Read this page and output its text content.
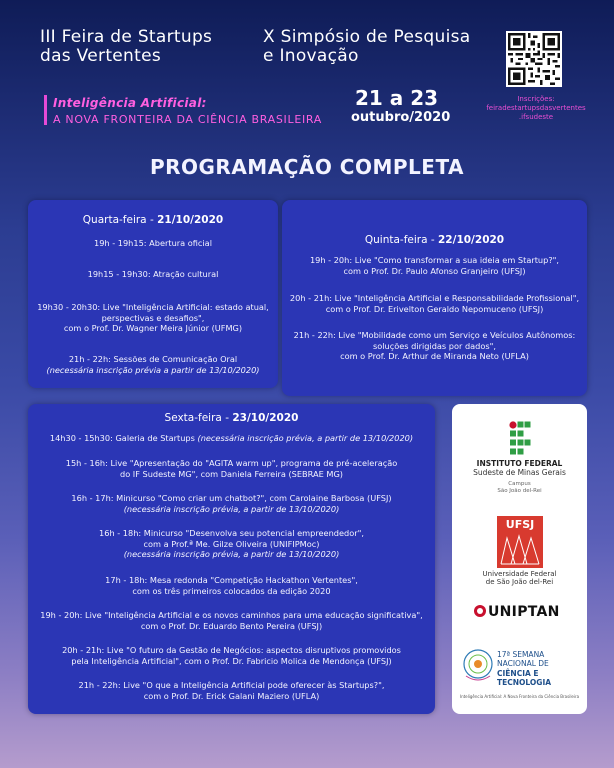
III Feira de Startups
das Vertentes
X Simpósio de Pesquisa
e Inovação
Inscrições:
feiradestartupsdasvertentes
.ifsudeste
Inteligência Artificial:
A NOVA FRONTEIRA DA CIÊNCIA BRASILEIRA
21 a 23
outubro/2020
PROGRAMAÇÃO COMPLETA
Quarta-feira - 21/10/2020
19h - 19h15: Abertura oficial
19h15 - 19h30: Atração cultural
19h30 - 20h30: Live "Inteligência Artificial: estado atual,
perspectivas e desafios",
com o Prof. Dr. Wagner Meira Júnior (UFMG)
21h - 22h: Sessões de Comunicação Oral
(necessária inscrição prévia a partir de 13/10/2020)
Quinta-feira - 22/10/2020
19h - 20h: Live "Como transformar a sua ideia em Startup?",
com o Prof. Dr. Paulo Afonso Granjeiro (UFSJ)
20h - 21h: Live "Inteligência Artificial e Responsabilidade Profissional",
com o Prof. Dr. Erivelton Geraldo Nepomuceno (UFSJ)
21h - 22h: Live "Mobilidade como um Serviço e Veículos Autônomos:
soluções dirigidas por dados",
com o Prof. Dr. Arthur de Miranda Neto (UFLA)
Sexta-feira - 23/10/2020
14h30 - 15h30: Galeria de Startups (necessária inscrição prévia, a partir de 13/10/2020)
15h - 16h: Live "Apresentação do "AGITA warm up", programa de pré-aceleração
do IF Sudeste MG", com Daniela Ferreira (SEBRAE MG)
16h - 17h: Minicurso "Como criar um chatbot?", com Carolaine Barbosa (UFSJ)
(necessária inscrição prévia, a partir de 13/10/2020)
16h - 18h: Minicurso "Desenvolva seu potencial empreendedor",
com a Prof.ª Me. Gilze Oliveira (UNIFIPMoc)
(necessária inscrição prévia, a partir de 13/10/2020)
17h - 18h: Mesa redonda "Competição Hackathon Vertentes",
com os três primeiros colocados da edição 2020
19h - 20h: Live "Inteligência Artificial e os novos caminhos para uma educação significativa",
com o Prof. Dr. Eduardo Bento Pereira (UFSJ)
20h - 21h: Live "O futuro da Gestão de Negócios: aspectos disruptivos promovidos
pela Inteligência Artificial", com o Prof. Dr. Fabricio Molica de Mendonça (UFSJ)
21h - 22h: Live "O que a Inteligência Artificial pode oferecer às Startups?",
com o Prof. Dr. Erick Galani Maziero (UFLA)
INSTITUTO FEDERAL
Sudeste de Minas Gerais
Campus
São João del-Rei
UFSJ
Universidade Federal
de São João del-Rei
UNIPTAN
17ª SEMANA
NACIONAL DE
CIÊNCIA E
TECNOLOGIA
Inteligência Artificial: A Nova Fronteira da Ciência Brasileira
